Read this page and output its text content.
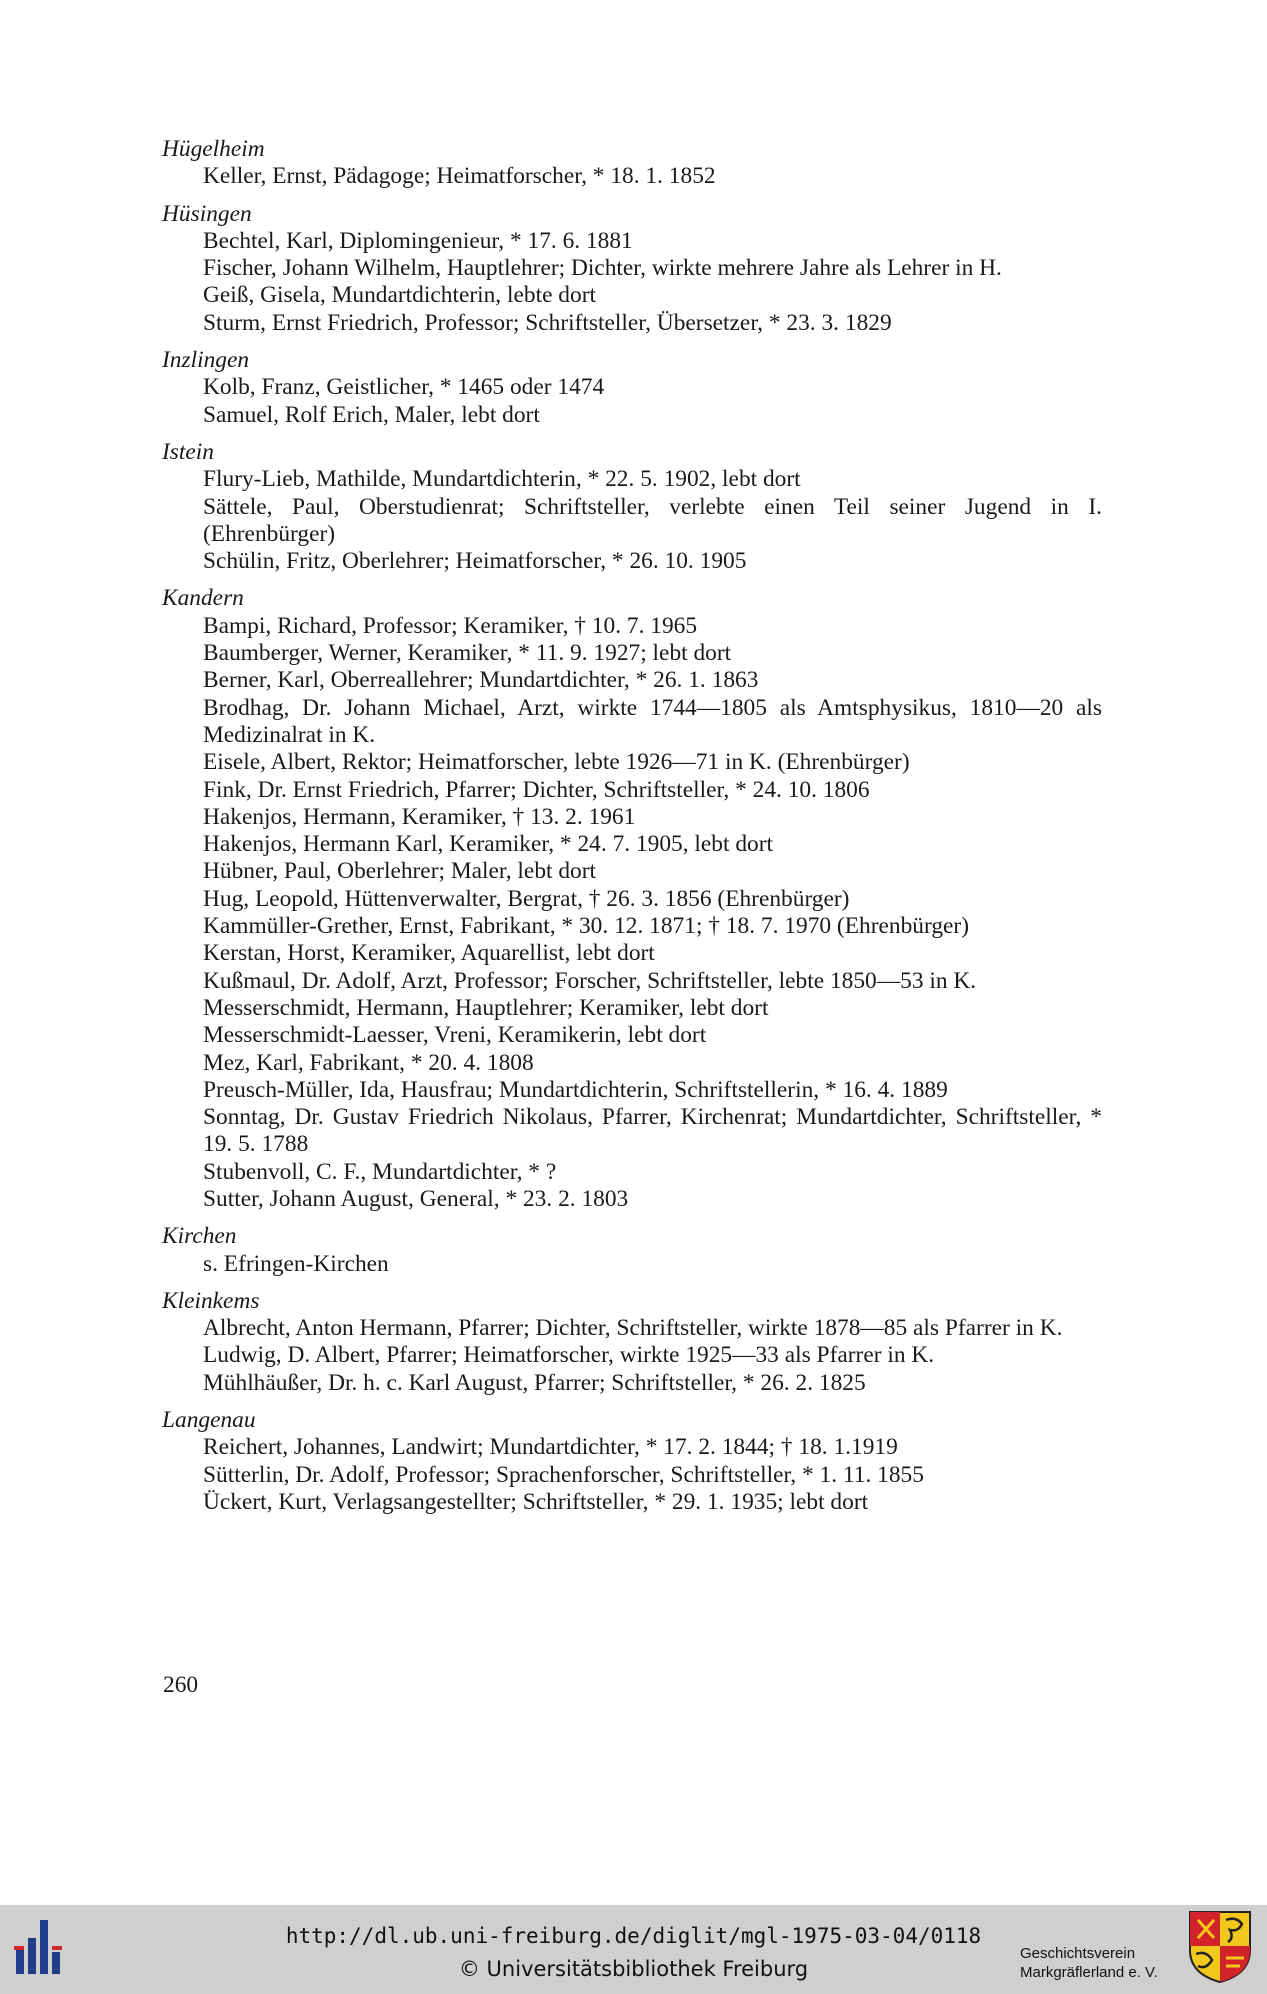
Hügelheim
Keller, Ernst, Pädagoge; Heimatforscher, * 18. 1. 1852
Hüsingen
Bechtel, Karl, Diplomingenieur, * 17. 6. 1881
Fischer, Johann Wilhelm, Hauptlehrer; Dichter, wirkte mehrere Jahre als Lehrer in H.
Geiß, Gisela, Mundartdichterin, lebte dort
Sturm, Ernst Friedrich, Professor; Schriftsteller, Übersetzer, * 23. 3. 1829
Inzlingen
Kolb, Franz, Geistlicher, * 1465 oder 1474
Samuel, Rolf Erich, Maler, lebt dort
Istein
Flury-Lieb, Mathilde, Mundartdichterin, * 22. 5. 1902, lebt dort
Sättele, Paul, Oberstudienrat; Schriftsteller, verlebte einen Teil seiner Jugend in I. (Ehrenbürger)
Schülin, Fritz, Oberlehrer; Heimatforscher, * 26. 10. 1905
Kandern
Bampi, Richard, Professor; Keramiker, † 10. 7. 1965
Baumberger, Werner, Keramiker, * 11. 9. 1927; lebt dort
Berner, Karl, Oberreallehrer; Mundartdichter, * 26. 1. 1863
Brodhag, Dr. Johann Michael, Arzt, wirkte 1744—1805 als Amtsphysikus, 1810—20 als Medizinalrat in K.
Eisele, Albert, Rektor; Heimatforscher, lebte 1926—71 in K. (Ehrenbürger)
Fink, Dr. Ernst Friedrich, Pfarrer; Dichter, Schriftsteller, * 24. 10. 1806
Hakenjos, Hermann, Keramiker, † 13. 2. 1961
Hakenjos, Hermann Karl, Keramiker, * 24. 7. 1905, lebt dort
Hübner, Paul, Oberlehrer; Maler, lebt dort
Hug, Leopold, Hüttenverwalter, Bergrat, † 26. 3. 1856 (Ehrenbürger)
Kammüller-Grether, Ernst, Fabrikant, * 30. 12. 1871; † 18. 7. 1970 (Ehrenbürger)
Kerstan, Horst, Keramiker, Aquarellist, lebt dort
Kußmaul, Dr. Adolf, Arzt, Professor; Forscher, Schriftsteller, lebte 1850—53 in K.
Messerschmidt, Hermann, Hauptlehrer; Keramiker, lebt dort
Messerschmidt-Laesser, Vreni, Keramikerin, lebt dort
Mez, Karl, Fabrikant, * 20. 4. 1808
Preusch-Müller, Ida, Hausfrau; Mundartdichterin, Schriftstellerin, * 16. 4. 1889
Sonntag, Dr. Gustav Friedrich Nikolaus, Pfarrer, Kirchenrat; Mundartdichter, Schriftsteller, * 19. 5. 1788
Stubenvoll, C. F., Mundartdichter, * ?
Sutter, Johann August, General, * 23. 2. 1803
Kirchen
s. Efringen-Kirchen
Kleinkems
Albrecht, Anton Hermann, Pfarrer; Dichter, Schriftsteller, wirkte 1878—85 als Pfarrer in K.
Ludwig, D. Albert, Pfarrer; Heimatforscher, wirkte 1925—33 als Pfarrer in K.
Mühlhäußer, Dr. h. c. Karl August, Pfarrer; Schriftsteller, * 26. 2. 1825
Langenau
Reichert, Johannes, Landwirt; Mundartdichter, * 17. 2. 1844; † 18. 1.1919
Sütterlin, Dr. Adolf, Professor; Sprachenforscher, Schriftsteller, * 1. 11. 1855
Ückert, Kurt, Verlagsangestellter; Schriftsteller, * 29. 1. 1935; lebt dort
260
http://dl.ub.uni-freiburg.de/diglit/mgl-1975-03-04/0118
© Universitätsbibliothek Freiburg
Geschichtsverein
Markgräflerland e. V.
